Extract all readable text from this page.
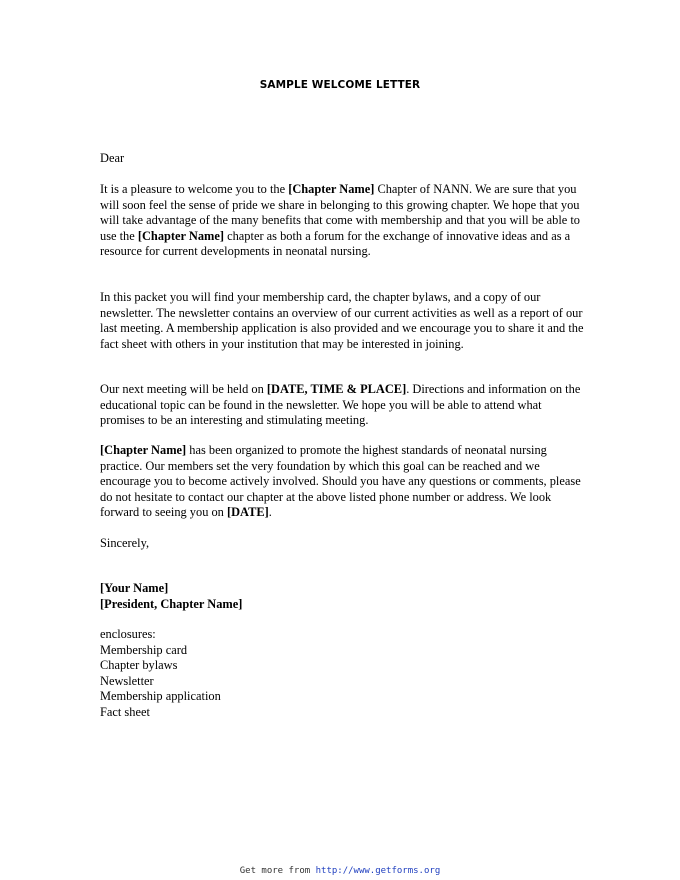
SAMPLE WELCOME LETTER

Dear

It is a pleasure to welcome you to the [Chapter Name] Chapter of NANN. We are sure that you will soon feel the sense of pride we share in belonging to this growing chapter. We hope that you will take advantage of the many benefits that come with membership and that you will be able to use the [Chapter Name] chapter as both a forum for the exchange of innovative ideas and as a resource for current developments in neonatal nursing.

In this packet you will find your membership card, the chapter bylaws, and a copy of our newsletter. The newsletter contains an overview of our current activities as well as a report of our last meeting. A membership application is also provided and we encourage you to share it and the fact sheet with others in your institution that may be interested in joining.

Our next meeting will be held on [DATE, TIME & PLACE]. Directions and information on the educational topic can be found in the newsletter. We hope you will be able to attend what promises to be an interesting and stimulating meeting.

[Chapter Name] has been organized to promote the highest standards of neonatal nursing practice. Our members set the very foundation by which this goal can be reached and we encourage you to become actively involved. Should you have any questions or comments, please do not hesitate to contact our chapter at the above listed phone number or address. We look forward to seeing you on [DATE].

Sincerely,

[Your Name]
[President, Chapter Name]
enclosures:
Membership card
Chapter bylaws
Newsletter
Membership application
Fact sheet
Get more from http://www.getforms.org
